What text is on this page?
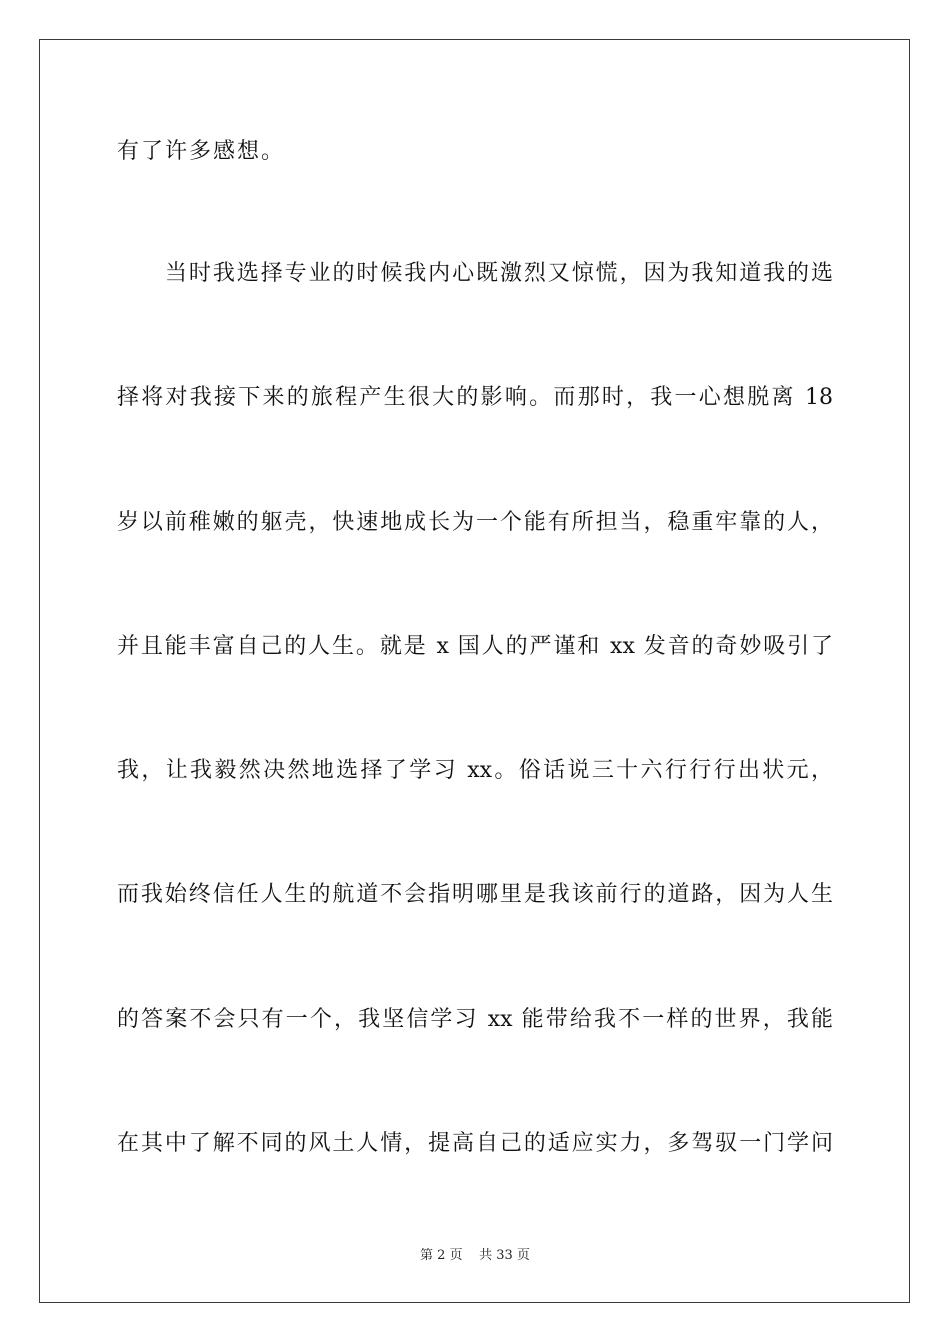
有了许多感想。
当时我选择专业的时候我内心既激烈又惊慌，因为我知道我的选
择将对我接下来的旅程产生很大的影响。而那时，我一心想脱离 18
岁以前稚嫩的躯壳，快速地成长为一个能有所担当，稳重牢靠的人，
并且能丰富自己的人生。就是 x 国人的严谨和 xx 发音的奇妙吸引了
我，让我毅然决然地选择了学习 xx。俗话说三十六行行行出状元，
而我始终信任人生的航道不会指明哪里是我该前行的道路，因为人生
的答案不会只有一个，我坚信学习 xx 能带给我不一样的世界，我能
在其中了解不同的风土人情，提高自己的适应实力，多驾驭一门学问
第 2 页 共 33 页
